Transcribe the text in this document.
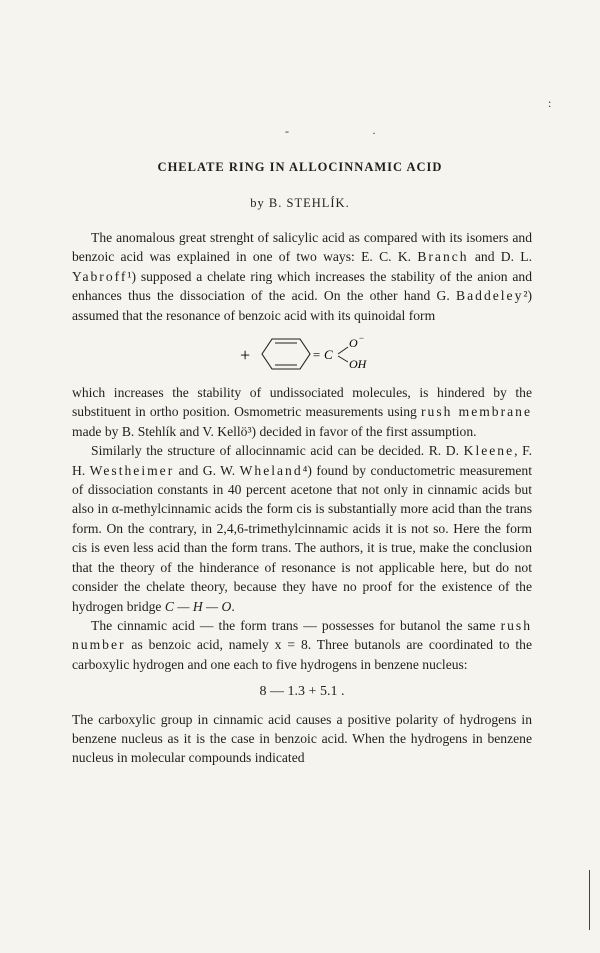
:
-	·
CHELATE RING IN ALLOCINNAMIC ACID
by B. STEHLÍK.

The anomalous great strenght of salicylic acid as compared with its isomers and benzoic acid was explained in one of two ways: E. C. K. Branch and D. L. Yabroff¹) supposed a chelate ring which increases the stability of the anion and enhances thus the dissociation of the acid. On the other hand G. Baddeley²) assumed that the resonance of benzoic acid with its quinoidal form

+	= C
O −
OH

which increases the stability of undissociated molecules, is hindered by the substituent in ortho position. Osmometric measurements using rush membrane made by B. Stehlík and V. Kellö³) decided in favor of the first assumption.

Similarly the structure of allocinnamic acid can be decided. R. D. Kleene, F. H. Westheimer and G. W. Wheland⁴) found by conductometric measurement of dissociation constants in 40 percent acetone that not only in cinnamic acids but also in α-methylcinnamic acids the form cis is substantially more acid than the trans form. On the contrary, in 2,4,6-trimethylcinnamic acids it is not so. Here the form cis is even less acid than the form trans. The authors, it is true, make the conclusion that the theory of the hinderance of resonance is not applicable here, but do not consider the chelate theory, because they have no proof for the existence of the hydrogen bridge C — H — O.

The cinnamic acid — the form trans — possesses for butanol the same rush number as benzoic acid, namely x = 8. Three butanols are coordinated to the carboxylic hydrogen and one each to five hydrogens in benzene nucleus:

8 — 1.3 + 5.1 .

The carboxylic group in cinnamic acid causes a positive polarity of hydrogens in benzene nucleus as it is the case in benzoic acid. When the hydrogens in benzene nucleus in molecular compounds indicated
